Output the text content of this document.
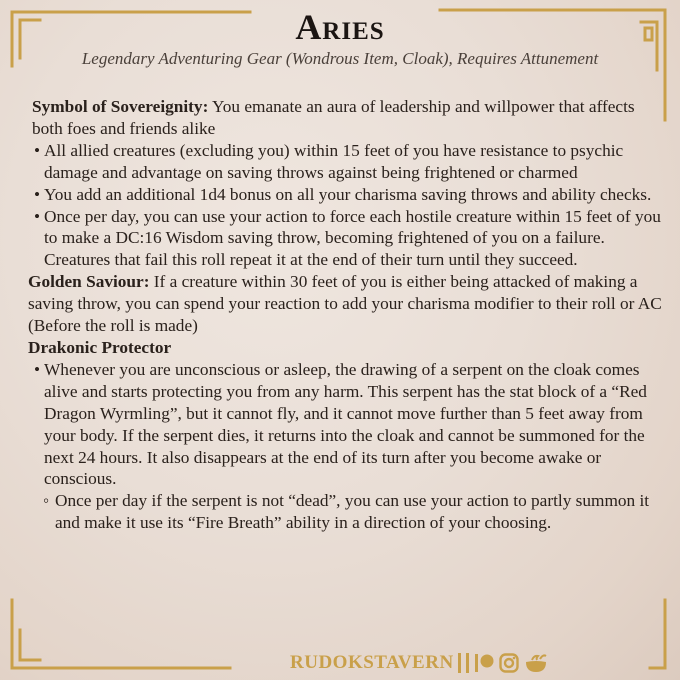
Aries

Legendary Adventuring Gear (Wondrous Item, Cloak), Requires Attunement

Symbol of Sovereignity: You emanate an aura of leadership and willpower that affects both foes and friends alike

• All allied creatures (excluding you) within 15 feet of you have resistance to psychic damage and advantage on saving throws against being frightened or charmed

• You add an additional 1d4 bonus on all your charisma saving throws and ability checks.

• Once per day, you can use your action to force each hostile creature within 15 feet of you to make a DC:16 Wisdom saving throw, becoming frightened of you on a failure. Creatures that fail this roll repeat it at the end of their turn until they succeed.

Golden Saviour: If a creature within 30 feet of you is either being attacked of making a saving throw, you can spend your reaction to add your charisma modifier to their roll or AC (Before the roll is made)

Drakonic Protector

• Whenever you are unconscious or asleep, the drawing of a serpent on the cloak comes alive and starts protecting you from any harm. This serpent has the stat block of a “Red Dragon Wyrmling”, but it cannot fly, and it cannot move further than 5 feet away from your body. If the serpent dies, it returns into the cloak and cannot be summoned for the next 24 hours. It also disappears at the end of its turn after you become awake or conscious.

◦ Once per day if the serpent is not “dead”, you can use your action to partly summon it and make it use its “Fire Breath” ability in a direction of your choosing.

RUDOKSTAVERN
